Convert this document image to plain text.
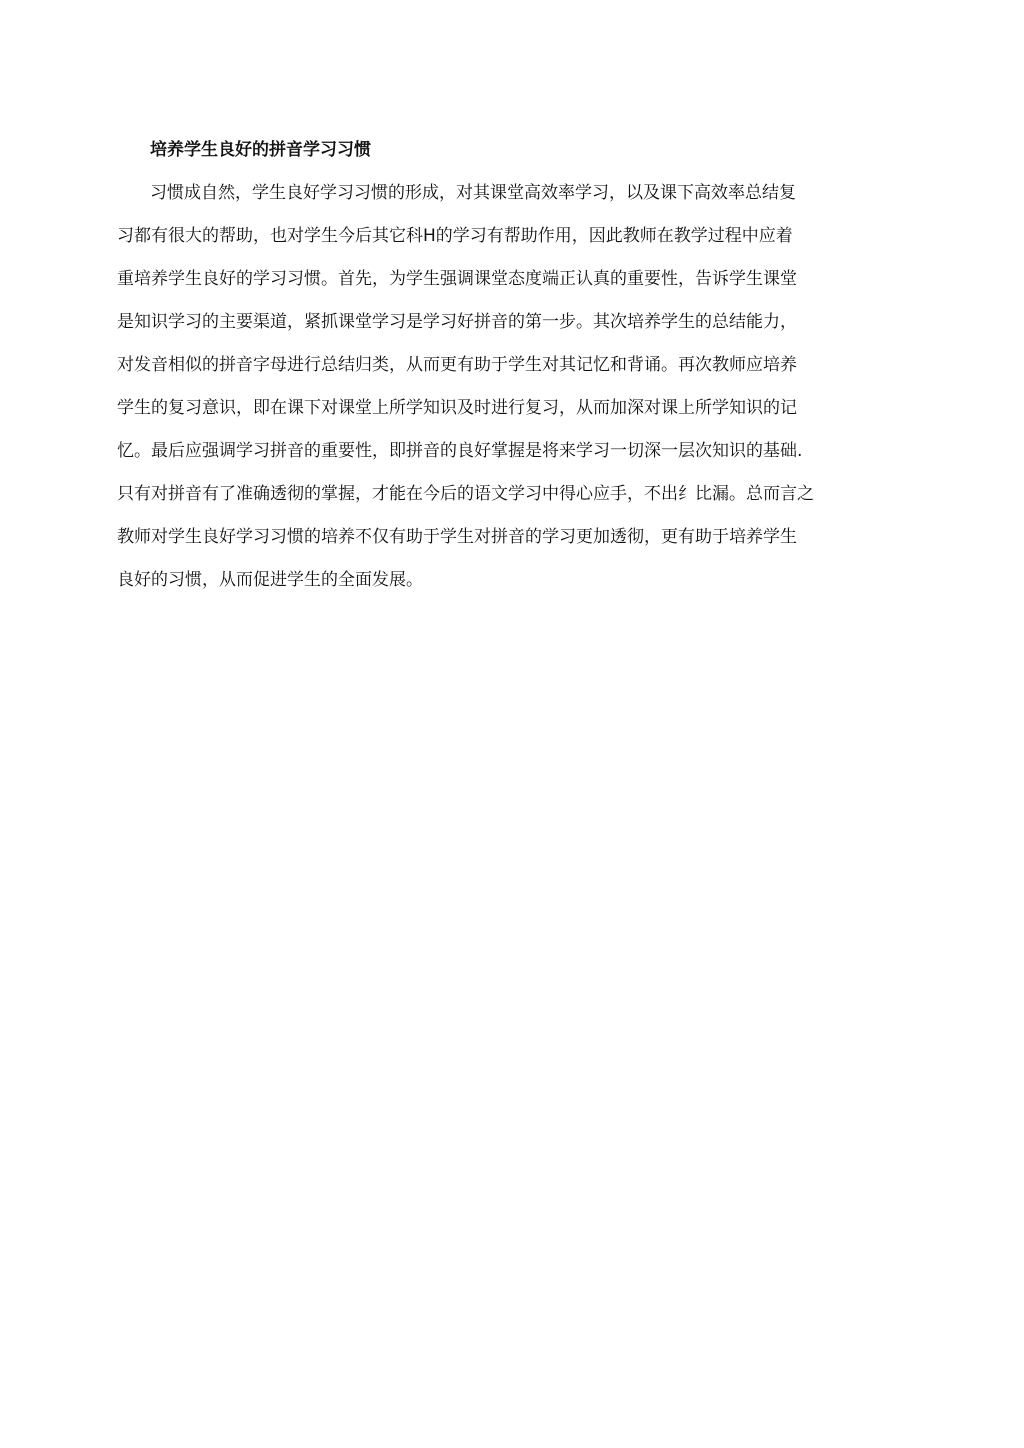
培养学生良好的拼音学习习惯
习惯成自然，学生良好学习习惯的形成，对其课堂高效率学习，以及课下高效率总结复
习都有很大的帮助，也对学生今后其它科H的学习有帮助作用，因此教师在教学过程中应着
重培养学生良好的学习习惯。首先，为学生强调课堂态度端正认真的重要性，告诉学生课堂
是知识学习的主要渠道，紧抓课堂学习是学习好拼音的第一步。其次培养学生的总结能力，
对发音相似的拼音字母进行总结归类，从而更有助于学生对其记忆和背诵。再次教师应培养
学生的复习意识，即在课下对课堂上所学知识及时进行复习，从而加深对课上所学知识的记
忆。最后应强调学习拼音的重要性，即拼音的良好掌握是将来学习一切深一层次知识的基础.
只有对拼音有了准确透彻的掌握，才能在今后的语文学习中得心应手，不出纟比漏。总而言之
教师对学生良好学习习惯的培养不仅有助于学生对拼音的学习更加透彻，更有助于培养学生
良好的习惯，从而促进学生的全面发展。
